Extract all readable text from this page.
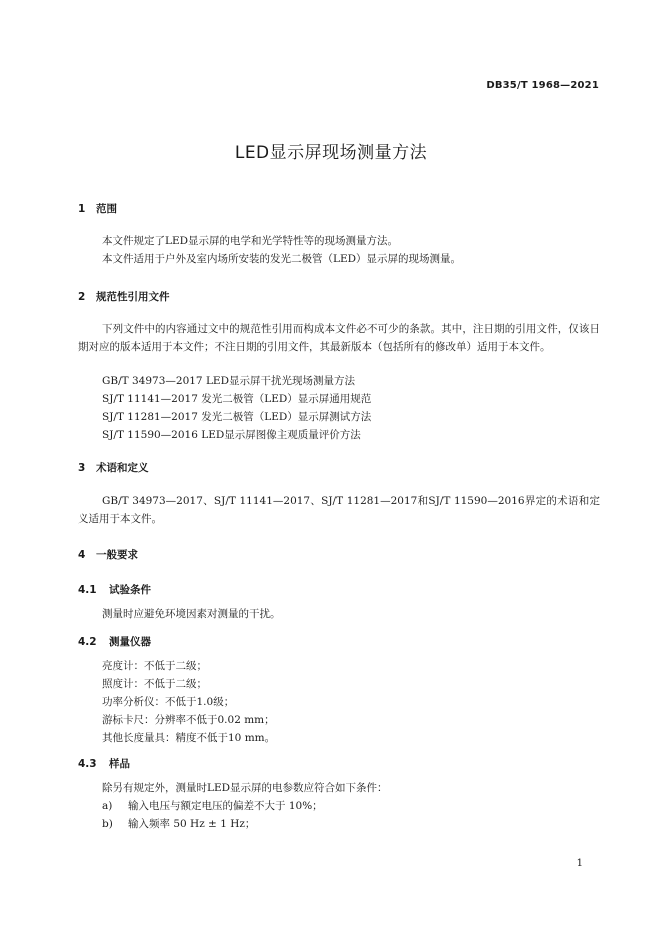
DB35/T 1968—2021
LED显示屏现场测量方法
1 范围
本文件规定了LED显示屏的电学和光学特性等的现场测量方法。
本文件适用于户外及室内场所安装的发光二极管（LED）显示屏的现场测量。
2 规范性引用文件
下列文件中的内容通过文中的规范性引用而构成本文件必不可少的条款。其中，注日期的引用文件，仅该日期对应的版本适用于本文件；不注日期的引用文件，其最新版本（包括所有的修改单）适用于本文件。
GB/T 34973—2017 LED显示屏干扰光现场测量方法
SJ/T 11141—2017 发光二极管（LED）显示屏通用规范
SJ/T 11281—2017 发光二极管（LED）显示屏测试方法
SJ/T 11590—2016 LED显示屏图像主观质量评价方法
3 术语和定义
GB/T 34973—2017、SJ/T 11141—2017、SJ/T 11281—2017和SJ/T 11590—2016界定的术语和定义适用于本文件。
4 一般要求
4.1 试验条件
测量时应避免环境因素对测量的干扰。
4.2 测量仪器
亮度计：不低于二级；
照度计：不低于二级；
功率分析仪：不低于1.0级；
游标卡尺：分辨率不低于0.02 mm；
其他长度量具：精度不低于10 mm。
4.3 样品
除另有规定外，测量时LED显示屏的电参数应符合如下条件：
a) 输入电压与额定电压的偏差不大于 10%；
b) 输入频率 50 Hz ± 1 Hz；
1
